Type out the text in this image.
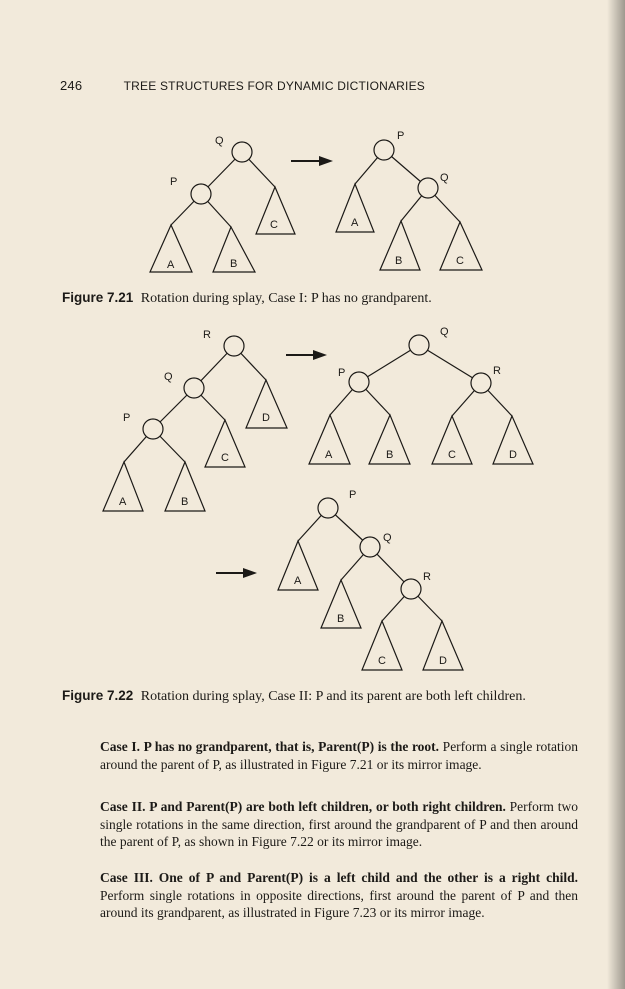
246	TREE STRUCTURES FOR DYNAMIC DICTIONARIES
Q
P
A	B
C
P
Q
A
B	C
Figure 7.21 Rotation during splay, Case I: P has no grandparent.
R
Q
P
A	B
C
D
Q
P	R
A	B	C	D
P
Q
R
A
B
C	D
Figure 7.22 Rotation during splay, Case II: P and its parent are both left children.
Case I. P has no grandparent, that is, Parent(P) is the root. Perform a single rotation around the parent of P, as illustrated in Figure 7.21 or its mirror image.
Case II. P and Parent(P) are both left children, or both right children. Perform two single rotations in the same direction, first around the grandparent of P and then around the parent of P, as shown in Figure 7.22 or its mirror image.
Case III. One of P and Parent(P) is a left child and the other is a right child. Perform single rotations in opposite directions, first around the parent of P and then around its grandparent, as illustrated in Figure 7.23 or its mirror image.
